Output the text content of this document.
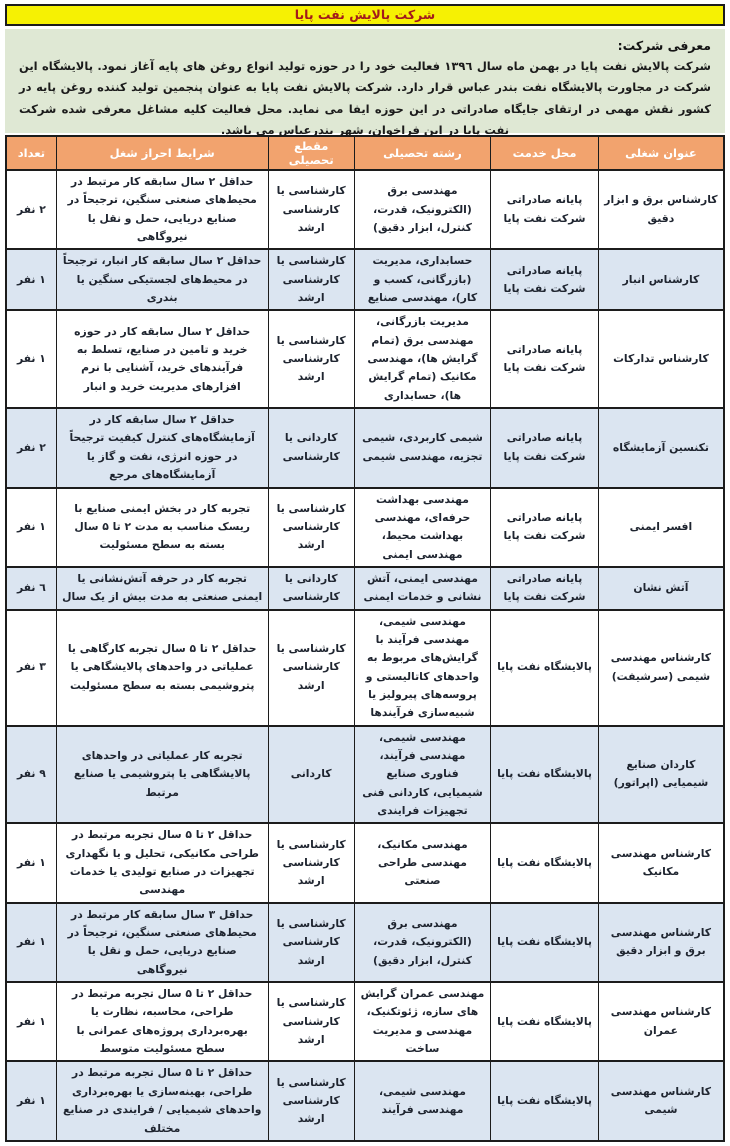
شرکت پالایش نفت پایا
معرفی شرکت:

شرکت پالایش نفت پایا در بهمن ماه سال ۱۳۹٦ فعالیت خود را در حوزه تولید انواع روغن های پایه آغاز نمود. پالایشگاه این شرکت در مجاورت پالایشگاه نفت بندر عباس قرار دارد. شرکت پالایش نفت پایا به عنوان پنجمین تولید کننده روغن پایه در کشور نقش مهمی در ارتقای جایگاه صادراتی در این حوزه ایفا می نماید. محل فعالیت کلیه مشاغل معرفی شده شرکت نفت پایا در این فراخوان، شهر بندرعباس می باشد.

عنوان شغلی	محل خدمت	رشته تحصیلی	مقطع تحصیلی	شرایط احراز شغل	تعداد
کارشناس برق و ابزار دقیق	پایانه صادراتی شرکت نفت پایا	مهندسی برق (الکترونیک، قدرت، کنترل، ابزار دقیق)	کارشناسی یا کارشناسی ارشد	حداقل ۲ سال سابقه کار مرتبط در محیط‌های صنعتی سنگین، ترجیحاً در صنایع دریایی، حمل و نقل یا نیروگاهی	۲ نفر
کارشناس انبار	پایانه صادراتی شرکت نفت پایا	حسابداری، مدیریت (بازرگانی، کسب و کار)، مهندسی صنایع	کارشناسی یا کارشناسی ارشد	حداقل ۲ سال سابقه کار انبار، ترجیحاً در محیط‌های لجستیکی سنگین یا بندری	۱ نفر
کارشناس تدارکات	پایانه صادراتی شرکت نفت پایا	مدیریت بازرگانی، مهندسی برق (تمام گرایش ها)، مهندسی مکانیک (تمام گرایش ها)، حسابداری	کارشناسی یا کارشناسی ارشد	حداقل ۲ سال سابقه کار در حوزه خرید و تامین در صنایع، تسلط به فرآیندهای خرید، آشنایی با نرم افزارهای مدیریت خرید و انبار	۱ نفر
تکنسین آزمایشگاه	پایانه صادراتی شرکت نفت پایا	شیمی کاربردی، شیمی تجزیه، مهندسی شیمی	کاردانی یا کارشناسی	حداقل ۲ سال سابقه کار در آزمایشگاه‌های کنترل کیفیت ترجیحاً در حوزه انرژی، نفت و گاز یا آزمایشگاه‌های مرجع	۲ نفر
افسر ایمنی	پایانه صادراتی شرکت نفت پایا	مهندسی بهداشت حرفه‌ای، مهندسی بهداشت محیط، مهندسی ایمنی	کارشناسی یا کارشناسی ارشد	تجربه کار در بخش ایمنی صنایع با ریسک مناسب به مدت ۲ تا ۵ سال بسته به سطح مسئولیت	۱ نفر
آتش نشان	پایانه صادراتی شرکت نفت پایا	مهندسی ایمنی، آتش نشانی و خدمات ایمنی	کاردانی یا کارشناسی	تجربه کار در حرفه آتش‌نشانی یا ایمنی صنعتی به مدت بیش از یک سال	٦ نفر
کارشناس مهندسی شیمی (سرشیفت)	پالایشگاه نفت پایا	مهندسی شیمی، مهندسی فرآیند با گرایش‌های مربوط به واحدهای کاتالیستی و پروسه‌های پیرولیز یا شبیه‌سازی فرآیندها	کارشناسی یا کارشناسی ارشد	حداقل ۲ تا ۵ سال تجربه کارگاهی یا عملیاتی در واحدهای پالایشگاهی یا پتروشیمی بسته به سطح مسئولیت	۳ نفر
کاردان صنایع شیمیایی (اپراتور)	پالایشگاه نفت پایا	مهندسی شیمی، مهندسی فرآیند، فناوری صنایع شیمیایی، کاردانی فنی تجهیزات فرایندی	کاردانی	تجربه کار عملیاتی در واحدهای پالایشگاهی یا پتروشیمی یا صنایع مرتبط	۹ نفر
کارشناس مهندسی مکانیک	پالایشگاه نفت پایا	مهندسی مکانیک، مهندسی طراحی صنعتی	کارشناسی یا کارشناسی ارشد	حداقل ۲ تا ۵ سال تجربه مرتبط در طراحی مکانیکی، تحلیل و یا نگهداری تجهیزات در صنایع تولیدی یا خدمات مهندسی	۱ نفر
کارشناس مهندسی برق و ابزار دقیق	پالایشگاه نفت پایا	مهندسی برق (الکترونیک، قدرت، کنترل، ابزار دقیق)	کارشناسی یا کارشناسی ارشد	حداقل ۳ سال سابقه کار مرتبط در محیط‌های صنعتی سنگین، ترجیحاً در صنایع دریایی، حمل و نقل یا نیروگاهی	۱ نفر
کارشناس مهندسی عمران	پالایشگاه نفت پایا	مهندسی عمران گرایش های سازه، ژئوتکنیک، مهندسی و مدیریت ساخت	کارشناسی یا کارشناسی ارشد	حداقل ۲ تا ۵ سال تجربه مرتبط در طراحی، محاسبه، نظارت یا بهره‌برداری پروژه‌های عمرانی با سطح مسئولیت متوسط	۱ نفر
کارشناس مهندسی شیمی	پالایشگاه نفت پایا	مهندسی شیمی، مهندسی فرآیند	کارشناسی یا کارشناسی ارشد	حداقل ۲ تا ۵ سال تجربه مرتبط در طراحی، بهینه‌سازی یا بهره‌برداری واحدهای شیمیایی / فرایندی در صنایع مختلف	۱ نفر
